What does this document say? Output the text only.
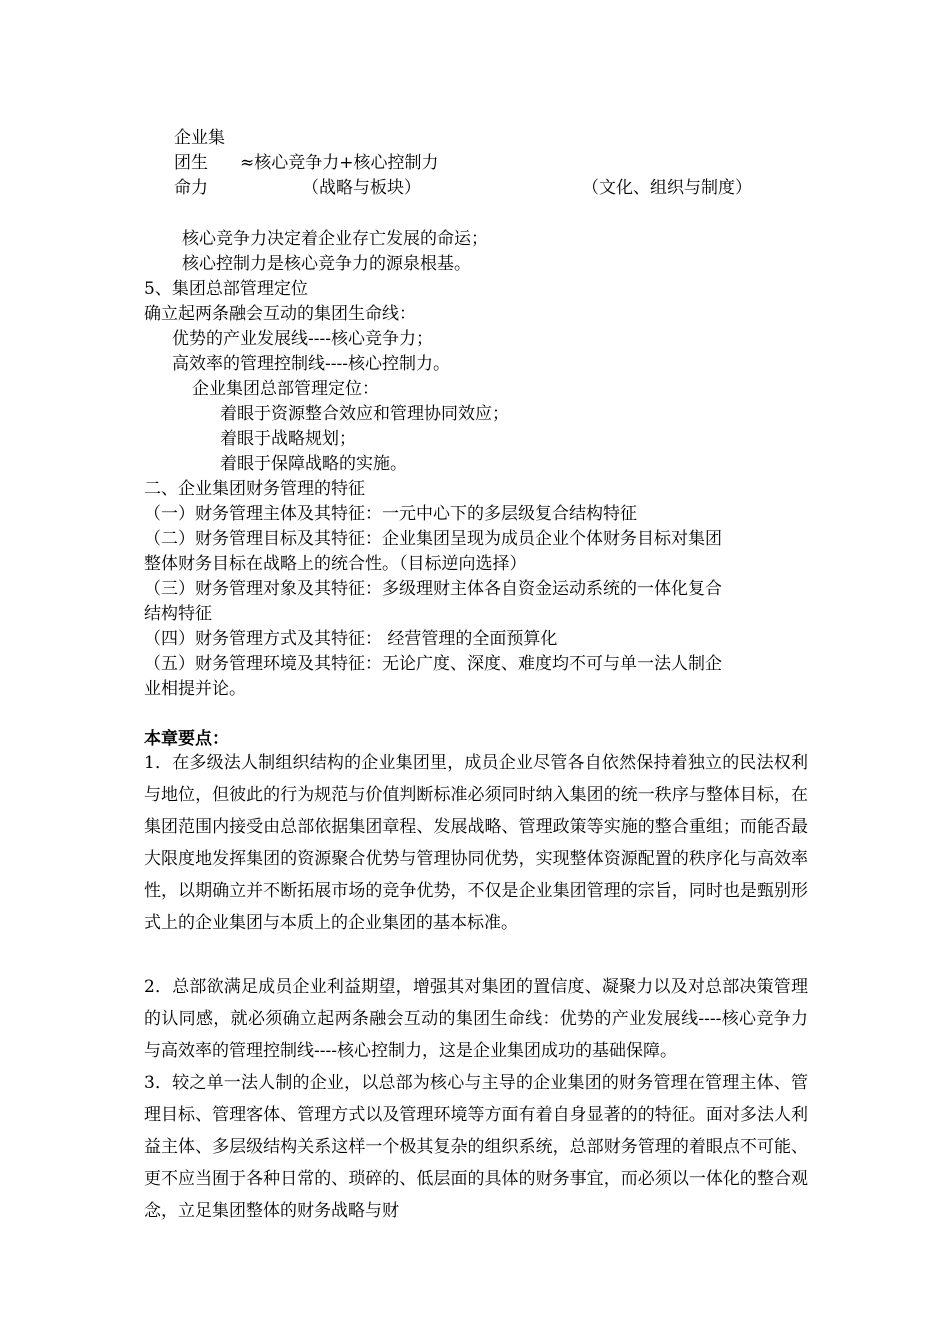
企业集
团生 ≈核心竞争力+核心控制力
命力	（战略与板块）	（文化、组织与制度）
核心竞争力决定着企业存亡发展的命运；
核心控制力是核心竞争力的源泉根基。
5、集团总部管理定位
确立起两条融会互动的集团生命线：
优势的产业发展线----核心竞争力；
高效率的管理控制线----核心控制力。
企业集团总部管理定位：
着眼于资源整合效应和管理协同效应；
着眼于战略规划；
着眼于保障战略的实施。
二、企业集团财务管理的特征
（一）财务管理主体及其特征：一元中心下的多层级复合结构特征
（二）财务管理目标及其特征：企业集团呈现为成员企业个体财务目标对集团
整体财务目标在战略上的统合性。（目标逆向选择）
（三）财务管理对象及其特征：多级理财主体各自资金运动系统的一体化复合
结构特征
（四）财务管理方式及其特征： 经营管理的全面预算化
（五）财务管理环境及其特征：无论广度、深度、难度均不可与单一法人制企
业相提并论。
本章要点：
1．在多级法人制组织结构的企业集团里，成员企业尽管各自依然保持着独立的民法权利与地位，但彼此的行为规范与价值判断标准必须同时纳入集团的统一秩序与整体目标，在集团范围内接受由总部依据集团章程、发展战略、管理政策等实施的整合重组；而能否最大限度地发挥集团的资源聚合优势与管理协同优势，实现整体资源配置的秩序化与高效率性，以期确立并不断拓展市场的竞争优势，不仅是企业集团管理的宗旨，同时也是甄别形式上的企业集团与本质上的企业集团的基本标准。
2．总部欲满足成员企业利益期望，增强其对集团的置信度、凝聚力以及对总部决策管理的认同感，就必须确立起两条融会互动的集团生命线：优势的产业发展线----核心竞争力与高效率的管理控制线----核心控制力，这是企业集团成功的基础保障。
3．较之单一法人制的企业，以总部为核心与主导的企业集团的财务管理在管理主体、管理目标、管理客体、管理方式以及管理环境等方面有着自身显著的的特征。面对多法人利益主体、多层级结构关系这样一个极其复杂的组织系统，总部财务管理的着眼点不可能、更不应当囿于各种日常的、琐碎的、低层面的具体的财务事宜，而必须以一体化的整合观念，立足集团整体的财务战略与财
